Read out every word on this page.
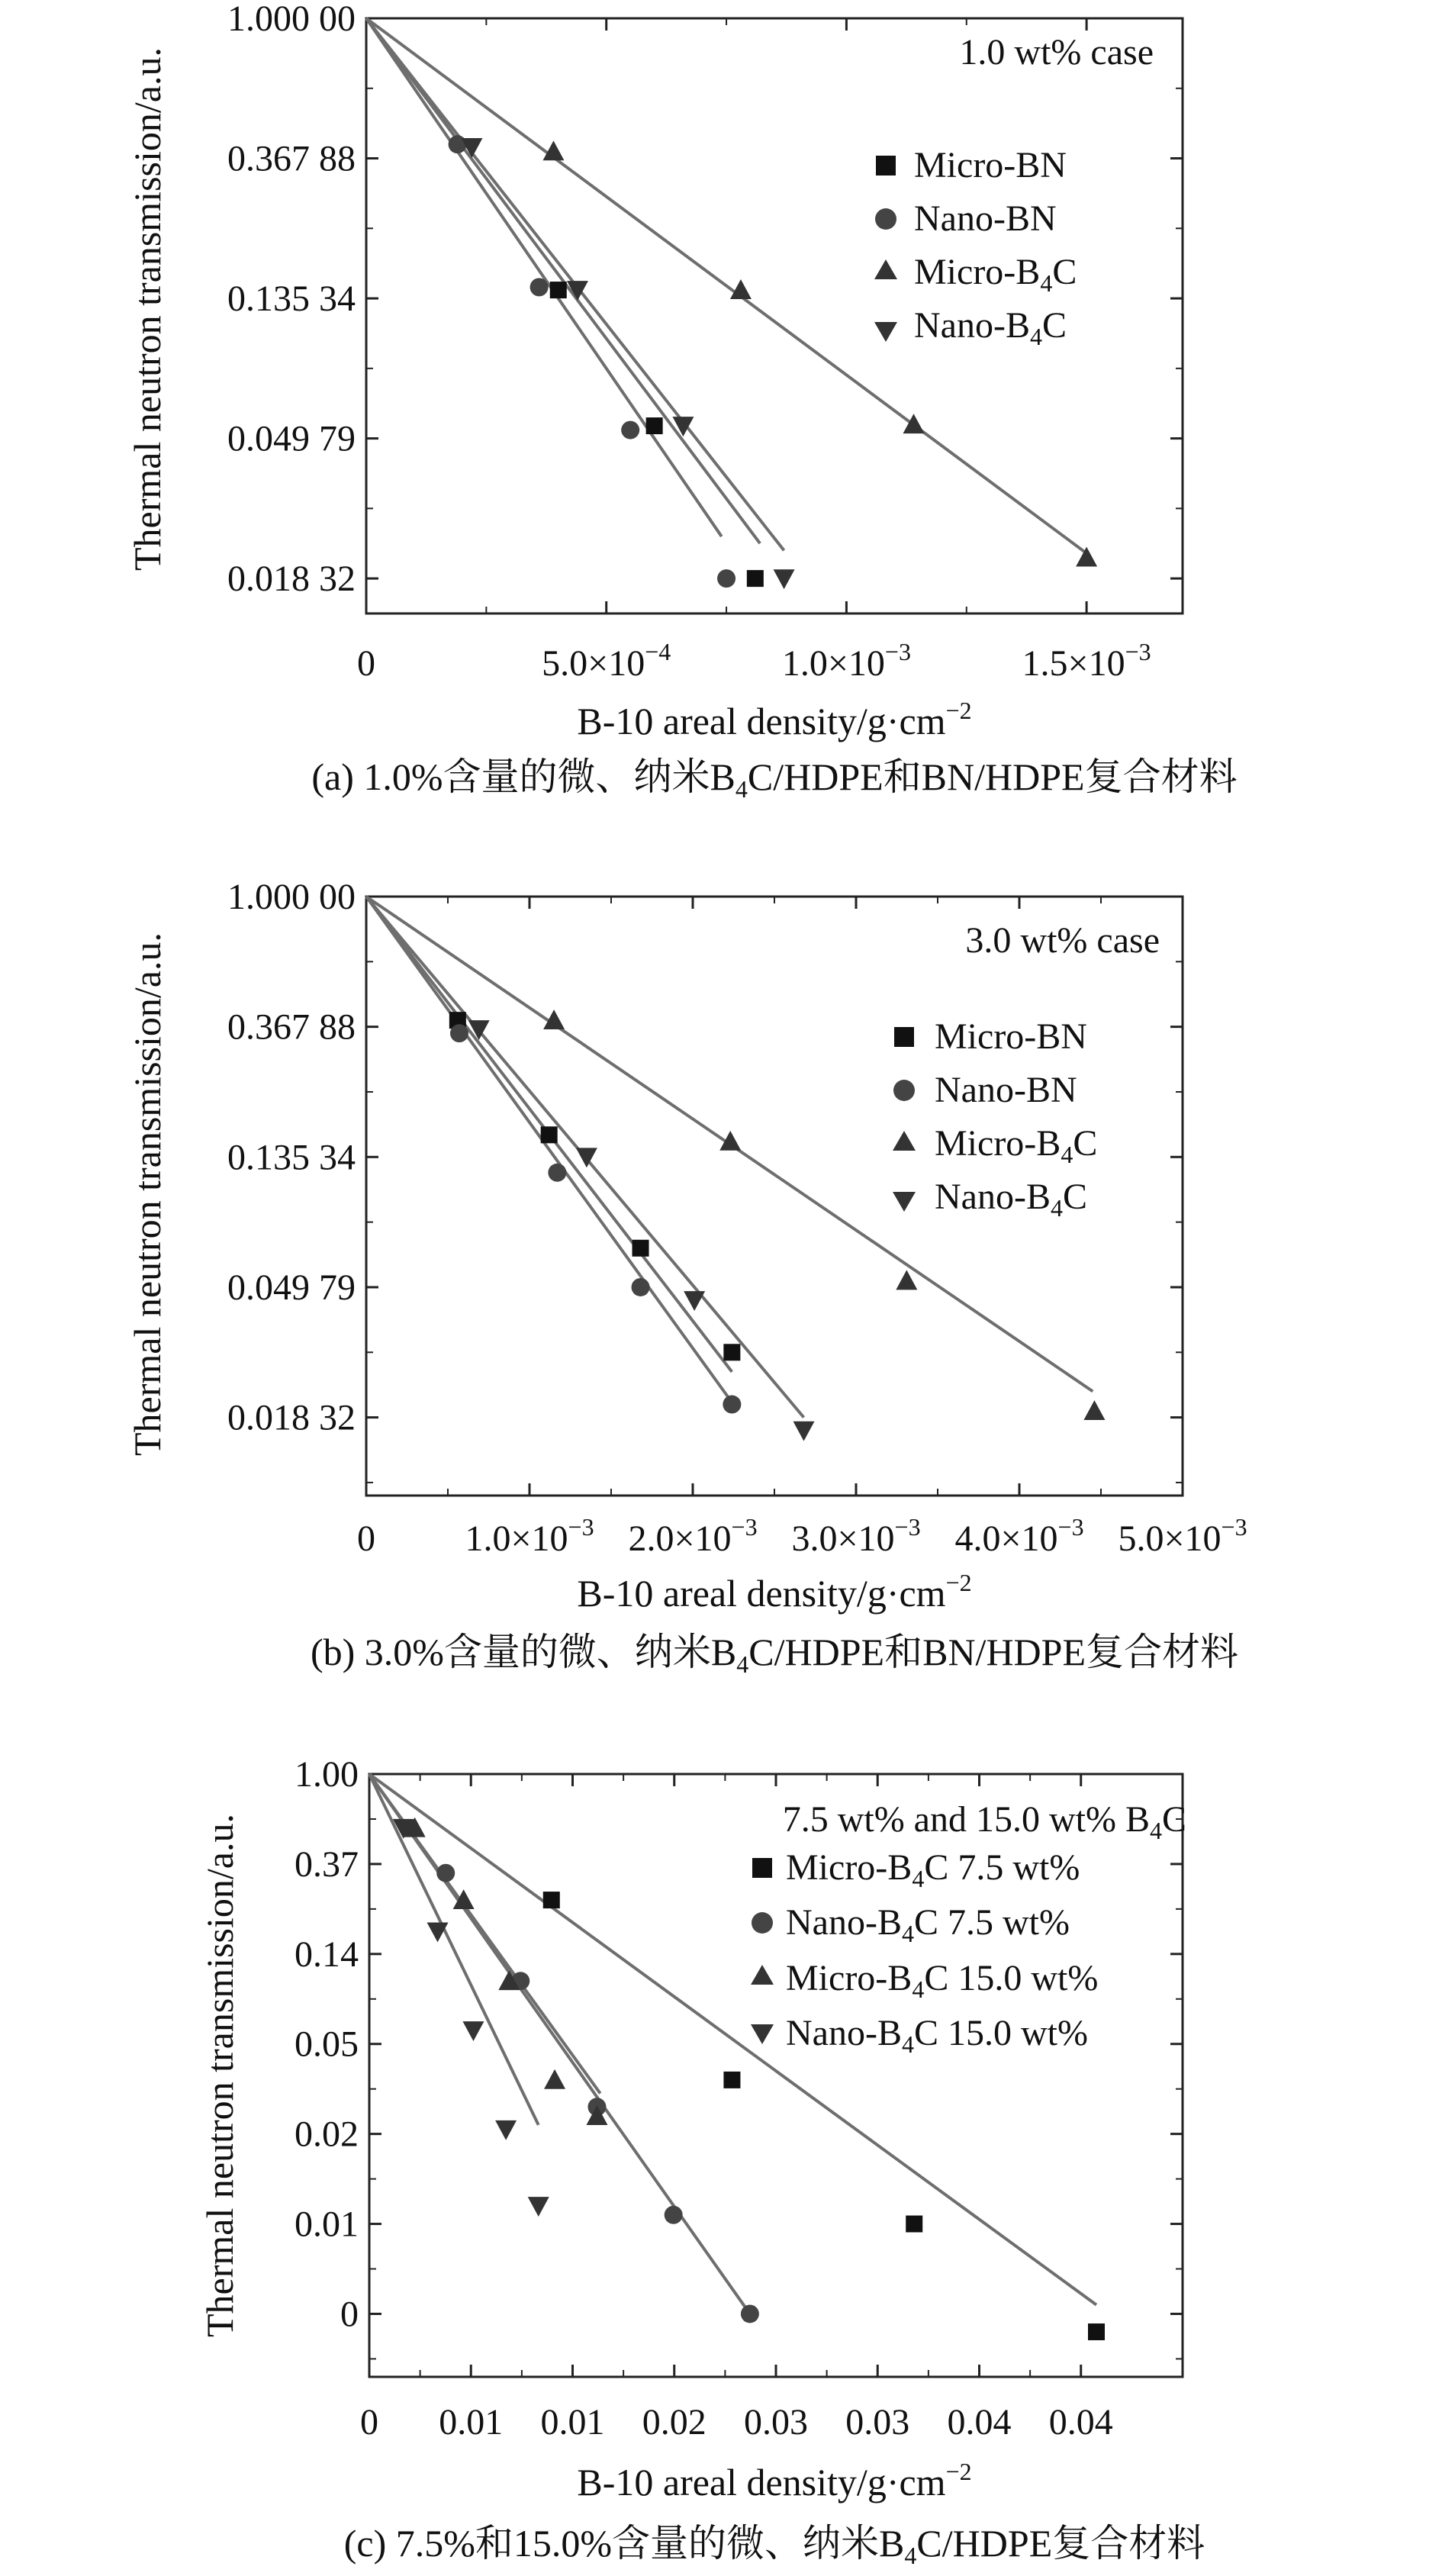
1.000 00
0.367 88
0.135 34
0.049 79
0.018 32
0	$5.0\times 10^{-4}$	$1.0\times 10^{-3}$	$1.5\times 10^{-3}$
1.0 wt% case
Micro-BN
Nano-BN
Micro-$B_4C$
Nano-$B_4C$
Thermal neutron transmission/a.u.
B-10 areal density/$g\cdot cm^{-2}$
(a) 1.0%含量的微、纳米$B_4C$/HDPE和BN/HDPE复合材料
1.000 00
0.367 88
0.135 34
0.049 79
0.018 32
0 $1.0\times 10^{-3}$ $2.0\times 10^{-3}$ $3.0\times 10^{-3}$ $4.0\times 10^{-3}$ $5.0\times 10^{-3}$
3.0 wt% case
Micro-BN
Nano-BN
Micro-$B_4C$
Nano-$B_4C$
Thermal neutron transmission/a.u.
B-10 areal density/$g\cdot cm^{-2}$
(b) 3.0%含量的微、纳米$B_4C$/HDPE和BN/HDPE复合材料
1.00
0.37
0.14
0.05
0.02
0.01
0
0 0.01 0.01 0.02 0.03 0.03 0.04 0.04
7.5 wt% and 15.0 wt% $B_4C$
Micro-$B_4C$ 7.5 wt%
Nano-$B_4C$ 7.5 wt%
Micro-$B_4C$ 15.0 wt%
Nano-$B_4C$ 15.0 wt%
Thermal neutron transmission/a.u.
B-10 areal density/$g\cdot cm^{-2}$
(c) 7.5%和15.0%含量的微、纳米$B_4C$/HDPE复合材料
